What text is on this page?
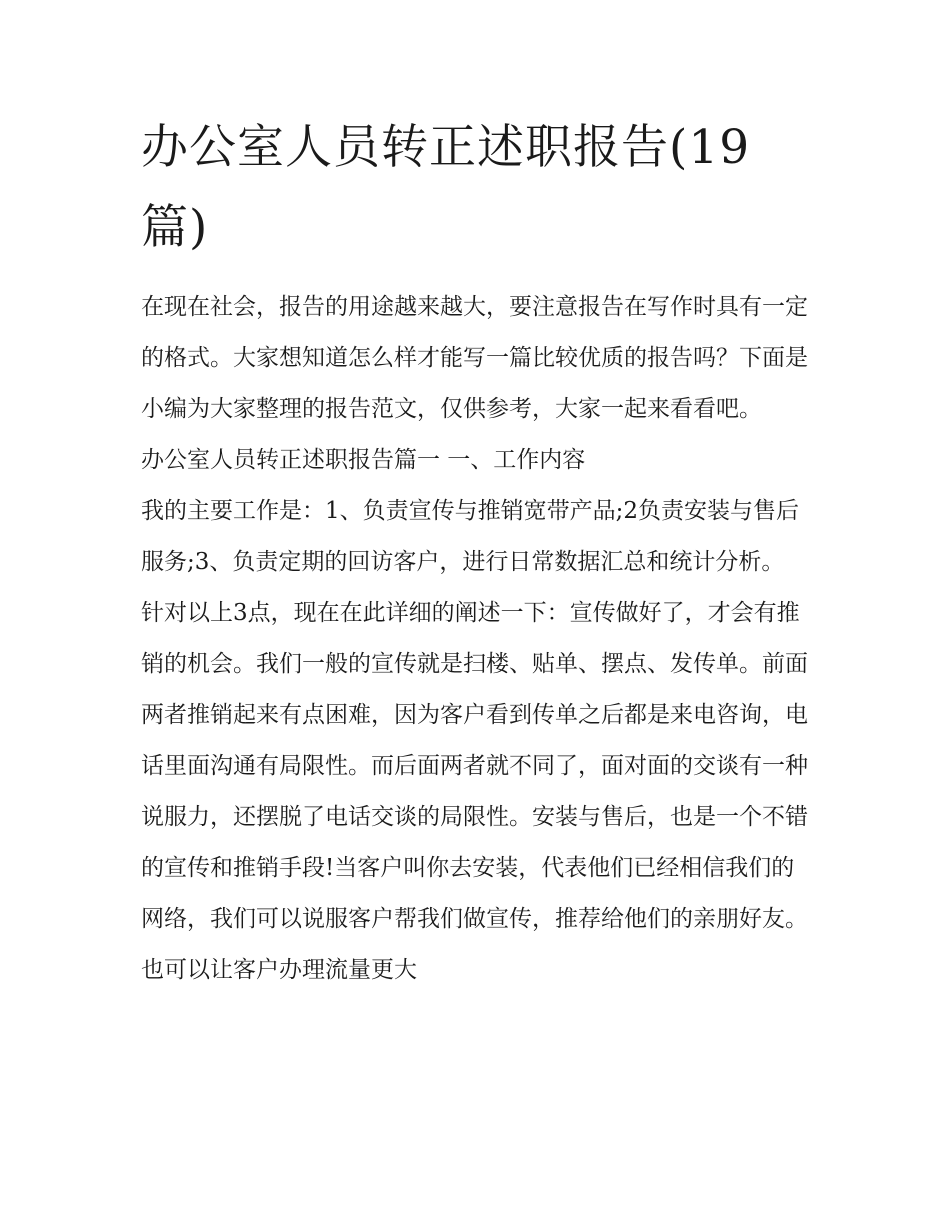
办公室人员转正述职报告(19篇)

在现在社会，报告的用途越来越大，要注意报告在写作时具有一定的格式。大家想知道怎么样才能写一篇比较优质的报告吗？下面是小编为大家整理的报告范文，仅供参考，大家一起来看看吧。

办公室人员转正述职报告篇一 一、工作内容

我的主要工作是：1、负责宣传与推销宽带产品;2负责安装与售后服务;3、负责定期的回访客户，进行日常数据汇总和统计分析。

针对以上3点，现在在此详细的阐述一下：宣传做好了，才会有推销的机会。我们一般的宣传就是扫楼、贴单、摆点、发传单。前面两者推销起来有点困难，因为客户看到传单之后都是来电咨询，电话里面沟通有局限性。而后面两者就不同了，面对面的交谈有一种说服力，还摆脱了电话交谈的局限性。安装与售后，也是一个不错的宣传和推销手段!当客户叫你去安装，代表他们已经相信我们的网络，我们可以说服客户帮我们做宣传，推荐给他们的亲朋好友。也可以让客户办理流量更大
